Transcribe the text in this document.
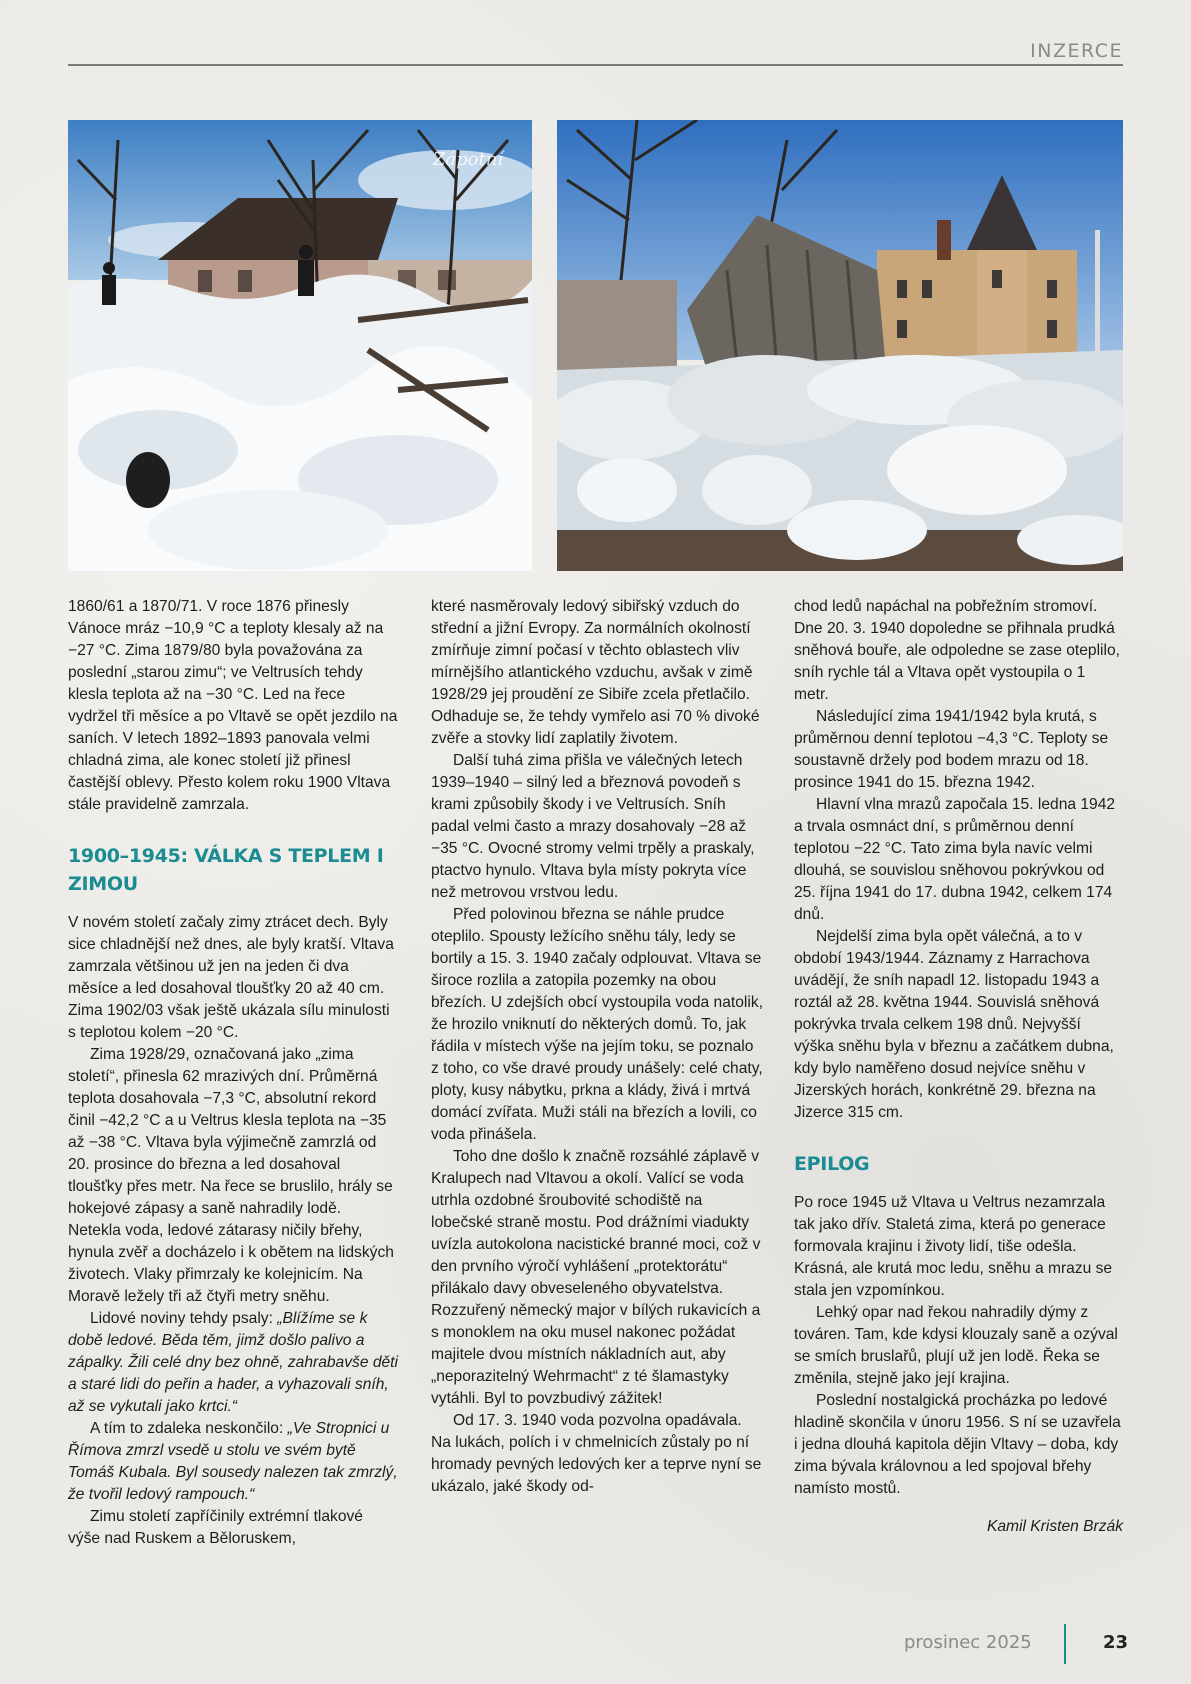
INZERCE
Zápotní

1860/61 a 1870/71. V roce 1876 přinesly Vánoce mráz −10,9 °C a teploty klesaly až na −27 °C. Zima 1879/80 byla považována za poslední „starou zimu“; ve Veltrusích tehdy klesla teplota až na −30 °C. Led na řece vydržel tři měsíce a po Vltavě se opět jezdilo na saních. V letech 1892–1893 panovala velmi chladná zima, ale konec století již přinesl častější oblevy. Přesto kolem roku 1900 Vltava stále pravidelně zamrzala.

1900–1945: VÁLKA S TEPLEM I ZIMOU

V novém století začaly zimy ztrácet dech. Byly sice chladnější než dnes, ale byly kratší. Vltava zamrzala většinou už jen na jeden či dva měsíce a led dosahoval tloušťky 20 až 40 cm. Zima 1902/03 však ještě ukázala sílu minulosti s teplotou kolem −20 °C.

Zima 1928/29, označovaná jako „zima století“, přinesla 62 mrazivých dní. Průměrná teplota dosahovala −7,3 °C, absolutní rekord činil −42,2 °C a u Veltrus klesla teplota na −35 až −38 °C. Vltava byla výjimečně zamrzlá od 20. prosince do března a led dosahoval tloušťky přes metr. Na řece se bruslilo, hrály se hokejové zápasy a saně nahradily lodě. Netekla voda, ledové zátarasy ničily břehy, hynula zvěř a docházelo i k obětem na lidských životech. Vlaky přimrzaly ke kolejnicím. Na Moravě ležely tři až čtyři metry sněhu.

Lidové noviny tehdy psaly: „Blížíme se k době ledové. Běda těm, jimž došlo palivo a zápalky. Žili celé dny bez ohně, zahrabavše děti a staré lidi do peřin a hader, a vyhazovali sníh, až se vykutali jako krtci.“

A tím to zdaleka neskončilo: „Ve Stropnici u Římova zmrzl vsedě u stolu ve svém bytě Tomáš Kubala. Byl sousedy nalezen tak zmrzlý, že tvořil ledový rampouch.“

Zimu století zapříčinily extrémní tlakové výše nad Ruskem a Běloruskem,

které nasměrovaly ledový sibiřský vzduch do střední a jižní Evropy. Za normálních okolností zmírňuje zimní počasí v těchto oblastech vliv mírnějšího atlantického vzduchu, avšak v zimě 1928/29 jej proudění ze Sibiře zcela přetlačilo. Odhaduje se, že tehdy vymřelo asi 70 % divoké zvěře a stovky lidí zaplatily životem.

Další tuhá zima přišla ve válečných letech 1939–1940 – silný led a březnová povodeň s krami způsobily škody i ve Veltrusích. Sníh padal velmi často a mrazy dosahovaly −28 až −35 °C. Ovocné stromy velmi trpěly a praskaly, ptactvo hynulo. Vltava byla místy pokryta více než metrovou vrstvou ledu.

Před polovinou března se náhle prudce oteplilo. Spousty ležícího sněhu tály, ledy se bortily a 15. 3. 1940 začaly odplouvat. Vltava se široce rozlila a zatopila pozemky na obou březích. U zdejších obcí vystoupila voda natolik, že hrozilo vniknutí do některých domů. To, jak řádila v místech výše na jejím toku, se poznalo z toho, co vše dravé proudy unášely: celé chaty, ploty, kusy nábytku, prkna a klády, živá i mrtvá domácí zvířata. Muži stáli na březích a lovili, co voda přinášela.

Toho dne došlo k značně rozsáhlé záplavě v Kralupech nad Vltavou a okolí. Valící se voda utrhla ozdobné šroubovité schodiště na lobečské straně mostu. Pod drážními viadukty uvízla autokolona nacistické branné moci, což v den prvního výročí vyhlášení „protektorátu“ přilákalo davy obveseleného obyvatelstva. Rozzuřený německý major v bílých rukavicích a s monoklem na oku musel nakonec požádat majitele dvou místních nákladních aut, aby „neporazitelný Wehrmacht“ z té šlamastyky vytáhli. Byl to povzbudivý zážitek!

Od 17. 3. 1940 voda pozvolna opadávala. Na lukách, polích i v chmelnicích zůstaly po ní hromady pevných ledových ker a teprve nyní se ukázalo, jaké škody od-

chod ledů napáchal na pobřežním stromoví. Dne 20. 3. 1940 dopoledne se přihnala prudká sněhová bouře, ale odpoledne se zase oteplilo, sníh rychle tál a Vltava opět vystoupila o 1 metr.

Následující zima 1941/1942 byla krutá, s průměrnou denní teplotou −4,3 °C. Teploty se soustavně držely pod bodem mrazu od 18. prosince 1941 do 15. března 1942.

Hlavní vlna mrazů započala 15. ledna 1942 a trvala osmnáct dní, s průměrnou denní teplotou −22 °C. Tato zima byla navíc velmi dlouhá, se souvislou sněhovou pokrývkou od 25. října 1941 do 17. dubna 1942, celkem 174 dnů.

Nejdelší zima byla opět válečná, a to v období 1943/1944. Záznamy z Harrachova uvádějí, že sníh napadl 12. listopadu 1943 a roztál až 28. května 1944. Souvislá sněhová pokrývka trvala celkem 198 dnů. Nejvyšší výška sněhu byla v březnu a začátkem dubna, kdy bylo naměřeno dosud nejvíce sněhu v Jizerských horách, konkrétně 29. března na Jizerce 315 cm.

EPILOG

Po roce 1945 už Vltava u Veltrus nezamrzala tak jako dřív. Staletá zima, která po generace formovala krajinu i životy lidí, tiše odešla. Krásná, ale krutá moc ledu, sněhu a mrazu se stala jen vzpomínkou.

Lehký opar nad řekou nahradily dýmy z továren. Tam, kde kdysi klouzaly saně a ozýval se smích bruslařů, plují už jen lodě. Řeka se změnila, stejně jako její krajina.

Poslední nostalgická procházka po ledové hladině skončila v únoru 1956. S ní se uzavřela i jedna dlouhá kapitola dějin Vltavy – doba, kdy zima bývala královnou a led spojoval břehy namísto mostů.

Kamil Kristen Brzák

prosinec 2025	23
